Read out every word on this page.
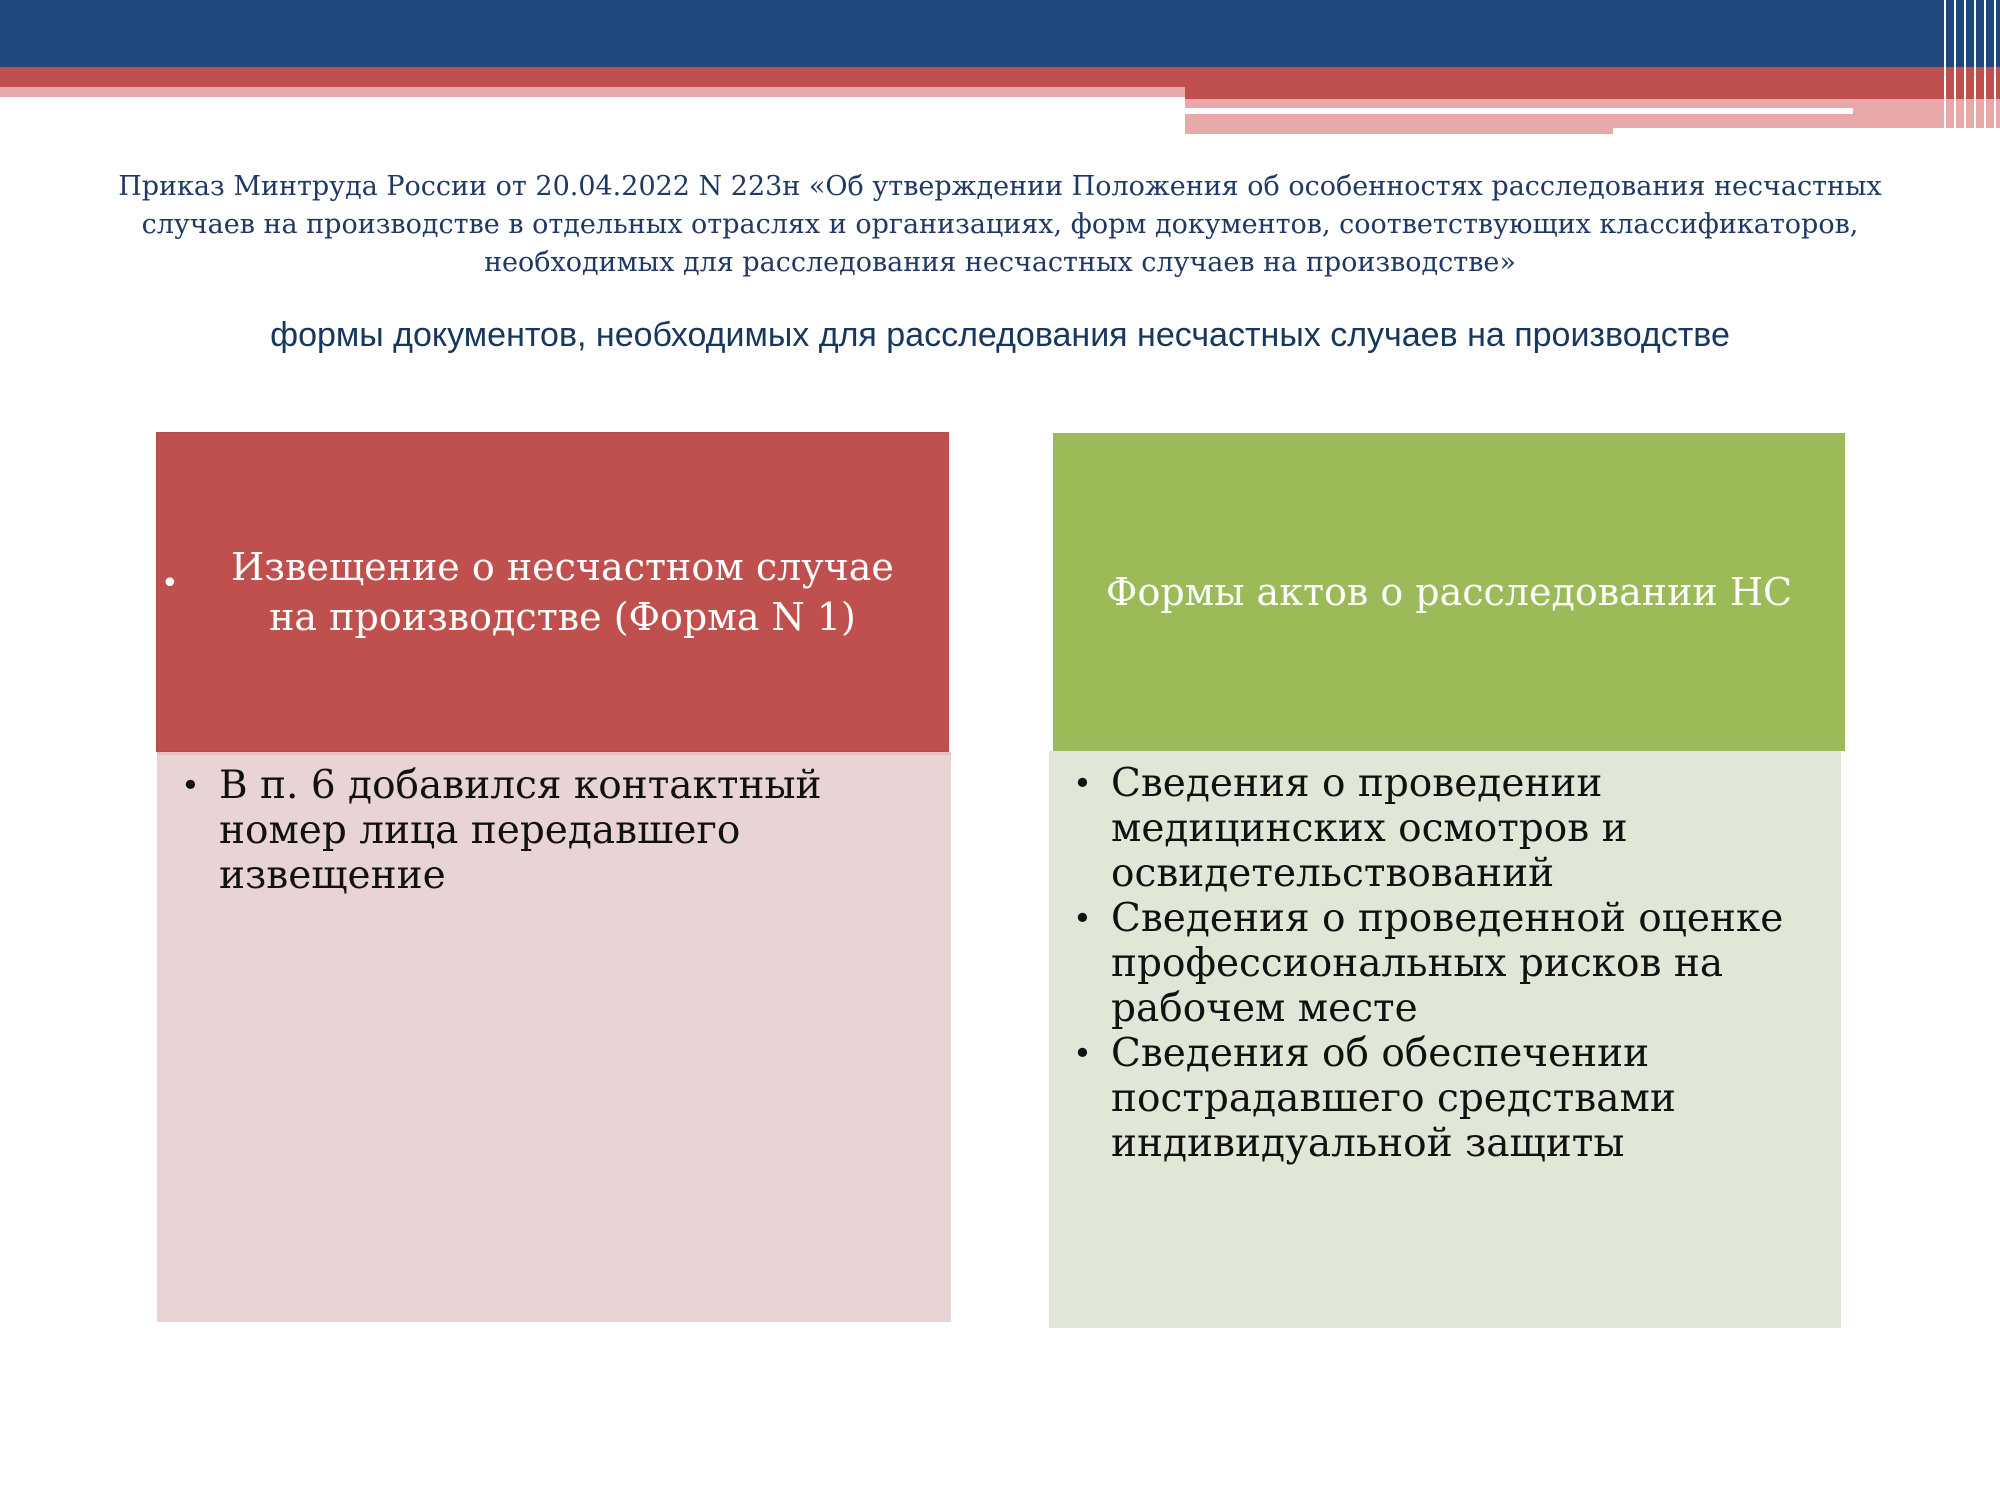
Приказ Минтруда России от 20.04.2022 N 223н «Об утверждении Положения об особенностях расследования несчастных
случаев на производстве в отдельных отраслях и организациях, форм документов, соответствующих классификаторов,
необходимых для расследования несчастных случаев на производстве»
формы документов, необходимых для расследования несчастных случаев на производстве
• Извещение о несчастном случае
на производстве (Форма N 1)
Формы актов о расследовании НС
• В п. 6 добавился контактный
номер лица передавшего
извещение
• Сведения о проведении
медицинских осмотров и
освидетельствований
• Сведения о проведенной оценке
профессиональных рисков на
рабочем месте
• Сведения об обеспечении
пострадавшего средствами
индивидуальной защиты
